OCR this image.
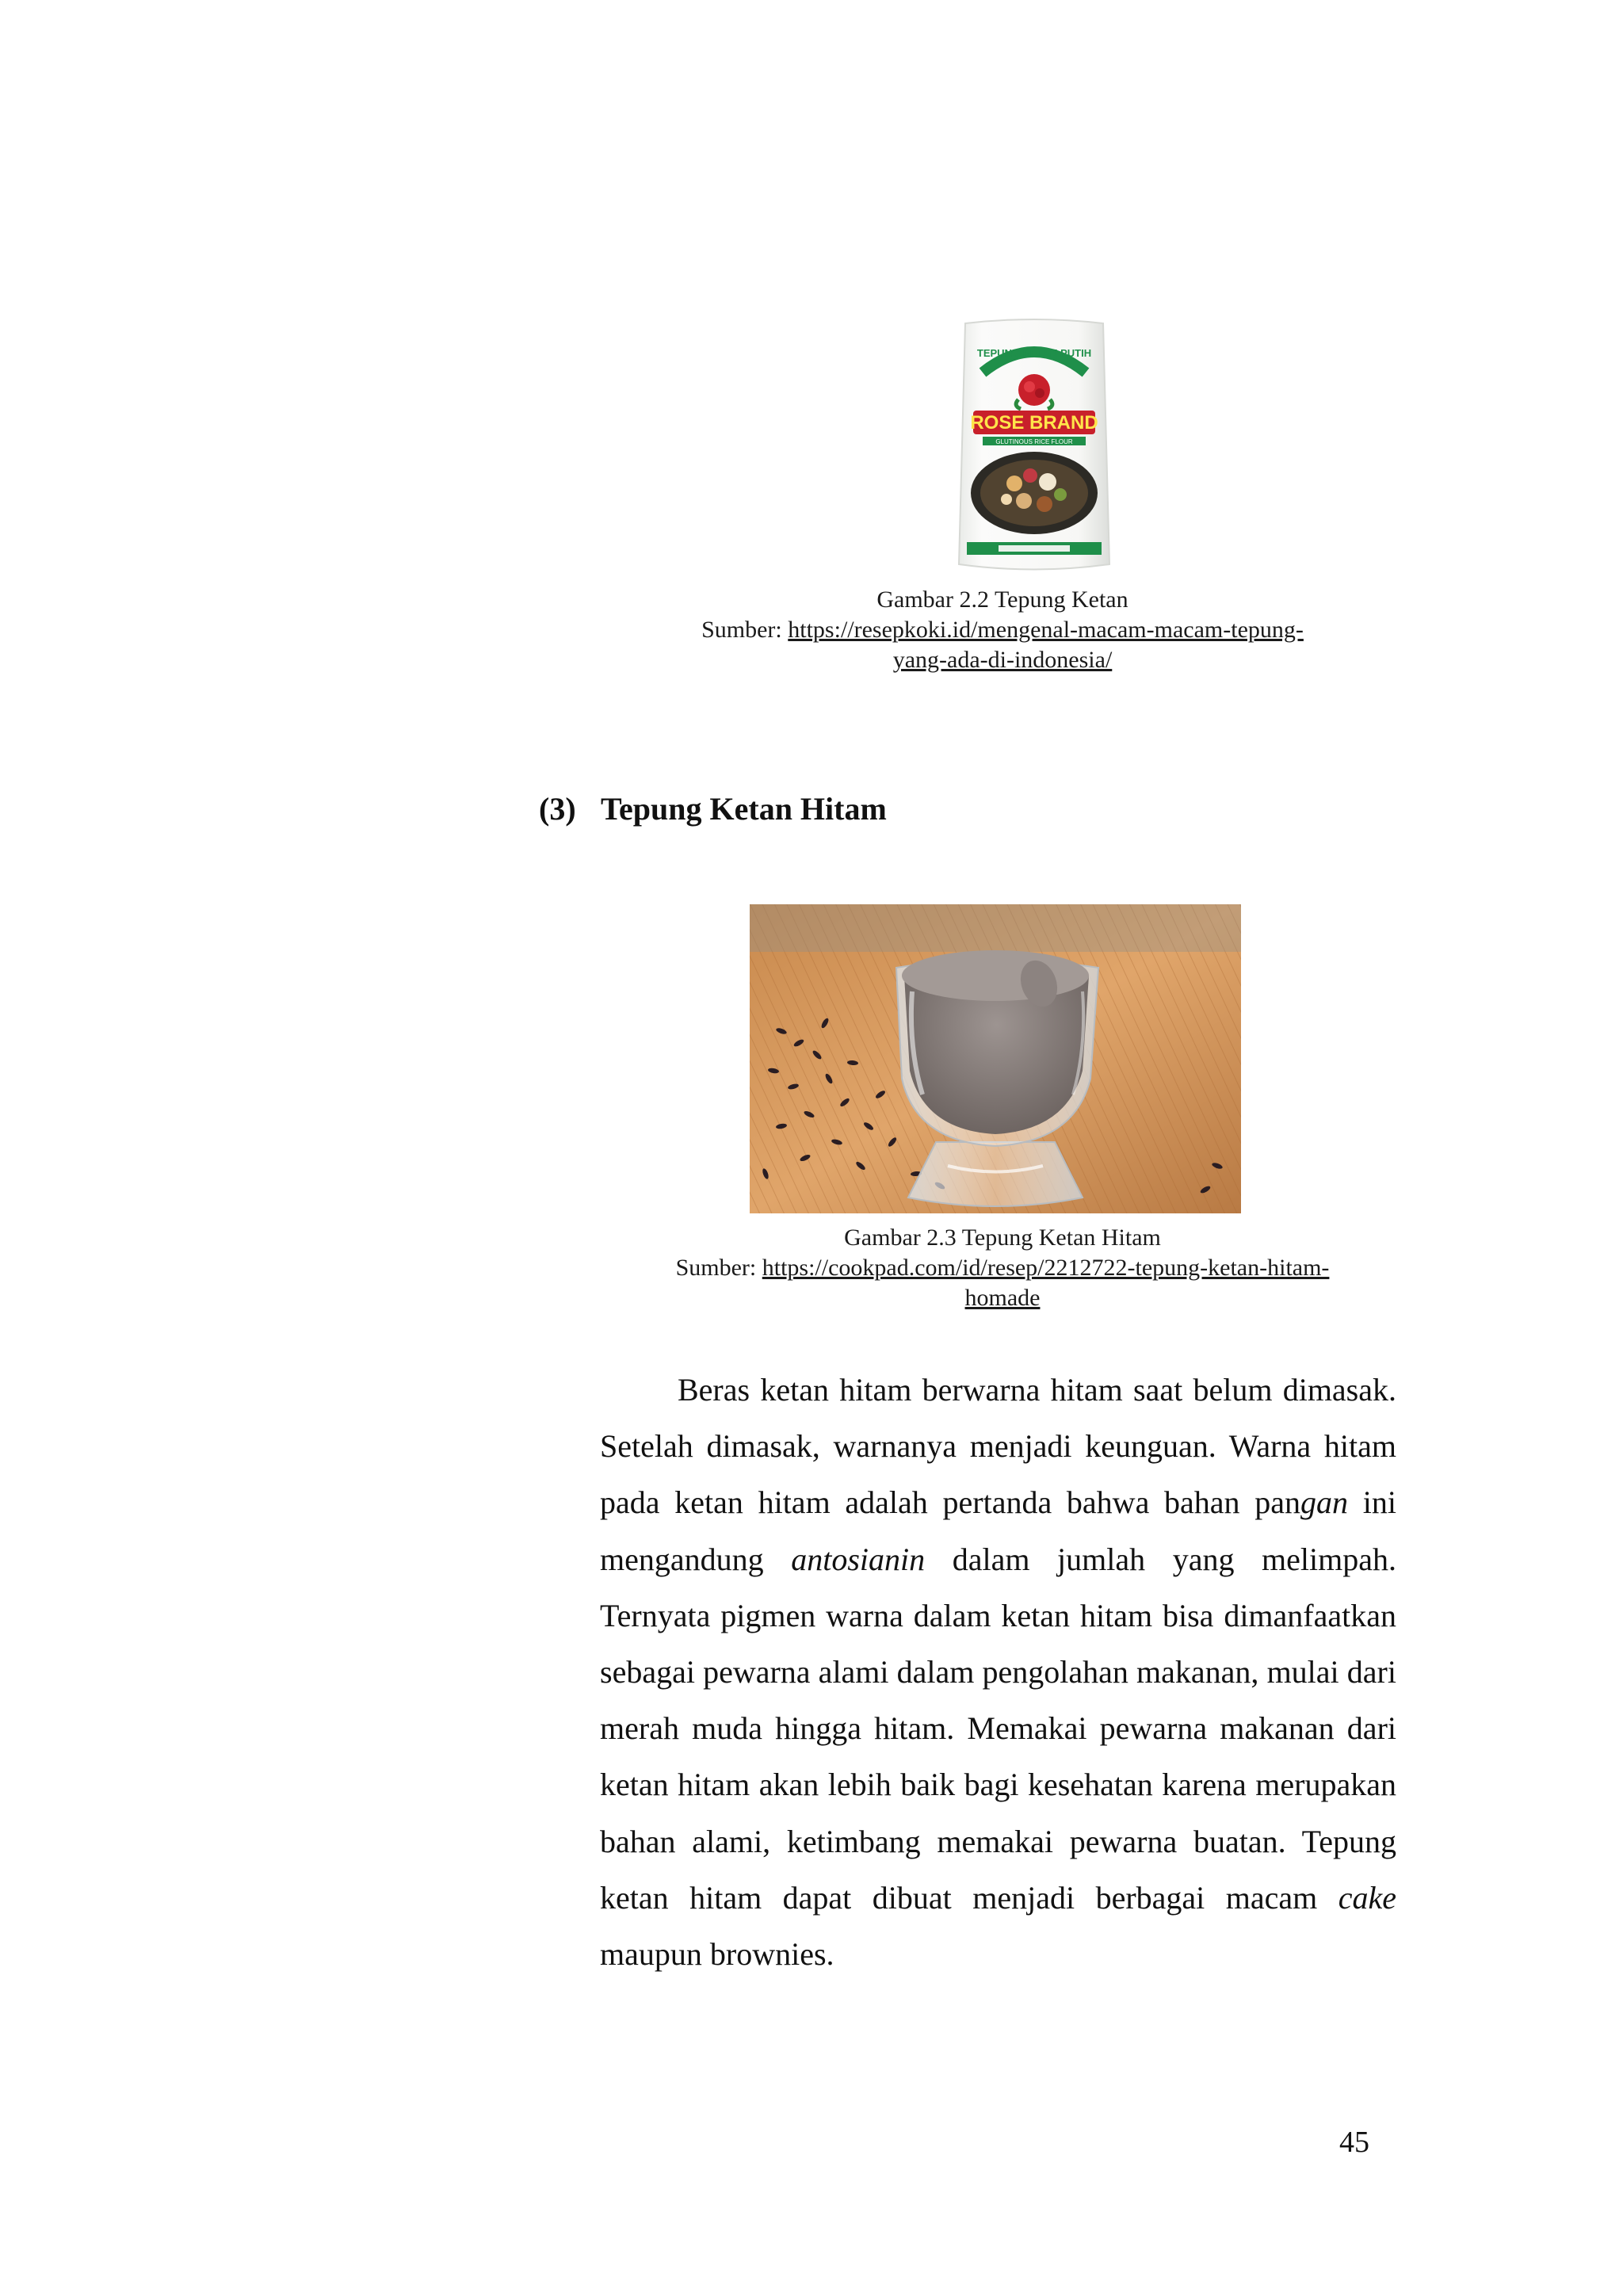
TEPUNG KETAN PUTIH
ROSE BRAND
GLUTINOUS RICE FLOUR
Gambar 2.2 Tepung Ketan
Sumber: https://resepkoki.id/mengenal-macam-macam-tepung-
yang-ada-di-indonesia/
(3) Tepung Ketan Hitam
Gambar 2.3 Tepung Ketan Hitam
Sumber: https://cookpad.com/id/resep/2212722-tepung-ketan-hitam-
homade

Beras ketan hitam berwarna hitam saat belum dimasak. Setelah dimasak, warnanya menjadi keunguan. Warna hitam pada ketan hitam adalah pertanda bahwa bahan pangan ini mengandung antosianin dalam jumlah yang melimpah. Ternyata pigmen warna dalam ketan hitam bisa dimanfaatkan sebagai pewarna alami dalam pengolahan makanan, mulai dari merah muda hingga hitam. Memakai pewarna makanan dari ketan hitam akan lebih baik bagi kesehatan karena merupakan bahan alami, ketimbang memakai pewarna buatan. Tepung ketan hitam dapat dibuat menjadi berbagai macam cake maupun brownies.

45
